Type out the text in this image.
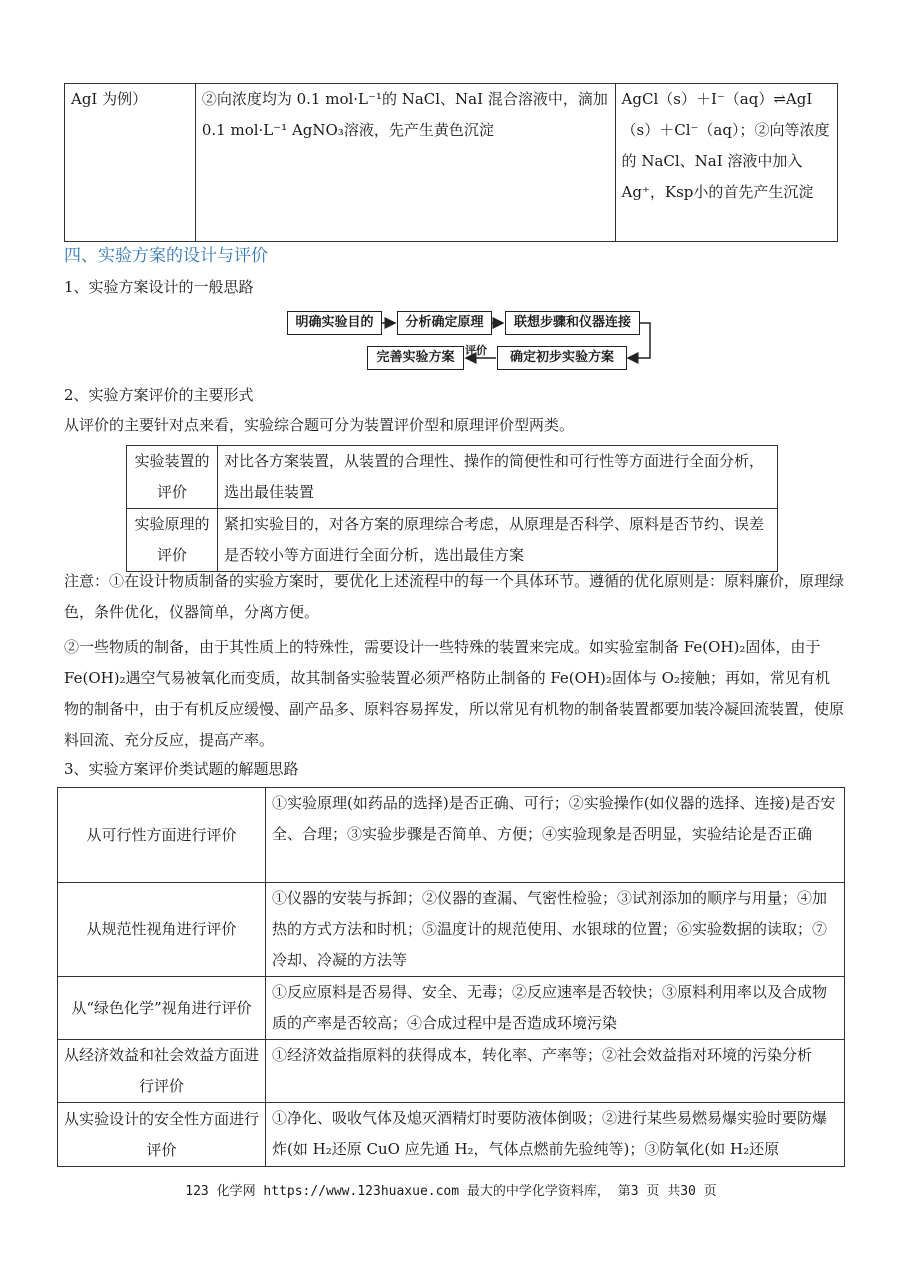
AgI 为例）	②向浓度均为 0.1 mol·L⁻¹的 NaCl、NaI 混合溶液中，滴加 0.1 mol·L⁻¹ AgNO₃溶液，先产生黄色沉淀	AgCl（s）＋I⁻（aq）⇌AgI（s）＋Cl⁻（aq）；②向等浓度的 NaCl、NaI 溶液中加入 Ag⁺，Ksp小的首先产生沉淀
四、实验方案的设计与评价
1、实验方案设计的一般思路
明确实验目的	分析确定原理	联想步骤和仪器连接
确定初步实验方案
完善实验方案 评价
2、实验方案评价的主要形式
从评价的主要针对点来看，实验综合题可分为装置评价型和原理评价型两类。
实验装置的评价	对比各方案装置，从装置的合理性、操作的简便性和可行性等方面进行全面分析，选出最佳装置
实验原理的评价	紧扣实验目的，对各方案的原理综合考虑，从原理是否科学、原料是否节约、误差是否较小等方面进行全面分析，选出最佳方案
注意：①在设计物质制备的实验方案时，要优化上述流程中的每一个具体环节。遵循的优化原则是：原料廉价，原理绿色，条件优化，仪器简单，分离方便。
②一些物质的制备，由于其性质上的特殊性，需要设计一些特殊的装置来完成。如实验室制备 Fe(OH)₂固体，由于 Fe(OH)₂遇空气易被氧化而变质，故其制备实验装置必须严格防止制备的 Fe(OH)₂固体与 O₂接触；再如，常见有机物的制备中，由于有机反应缓慢、副产品多、原料容易挥发，所以常见有机物的制备装置都要加装冷凝回流装置，使原料回流、充分反应，提高产率。
3、实验方案评价类试题的解题思路
从可行性方面进行评价	①实验原理(如药品的选择)是否正确、可行；②实验操作(如仪器的选择、连接)是否安全、合理；③实验步骤是否简单、方便；④实验现象是否明显，实验结论是否正确
从规范性视角进行评价	①仪器的安装与拆卸；②仪器的查漏、气密性检验；③试剂添加的顺序与用量；④加热的方式方法和时机；⑤温度计的规范使用、水银球的位置；⑥实验数据的读取；⑦冷却、冷凝的方法等
从“绿色化学”视角进行评价	①反应原料是否易得、安全、无毒；②反应速率是否较快；③原料利用率以及合成物质的产率是否较高；④合成过程中是否造成环境污染
从经济效益和社会效益方面进行评价	①经济效益指原料的获得成本，转化率、产率等；②社会效益指对环境的污染分析
从实验设计的安全性方面进行评价	①净化、吸收气体及熄灭酒精灯时要防液体倒吸；②进行某些易燃易爆实验时要防爆炸(如 H₂还原 CuO 应先通 H₂，气体点燃前先验纯等)；③防氧化(如 H₂还原
123 化学网 https://www.123huaxue.com 最大的中学化学资料库， 第3 页 共30 页
